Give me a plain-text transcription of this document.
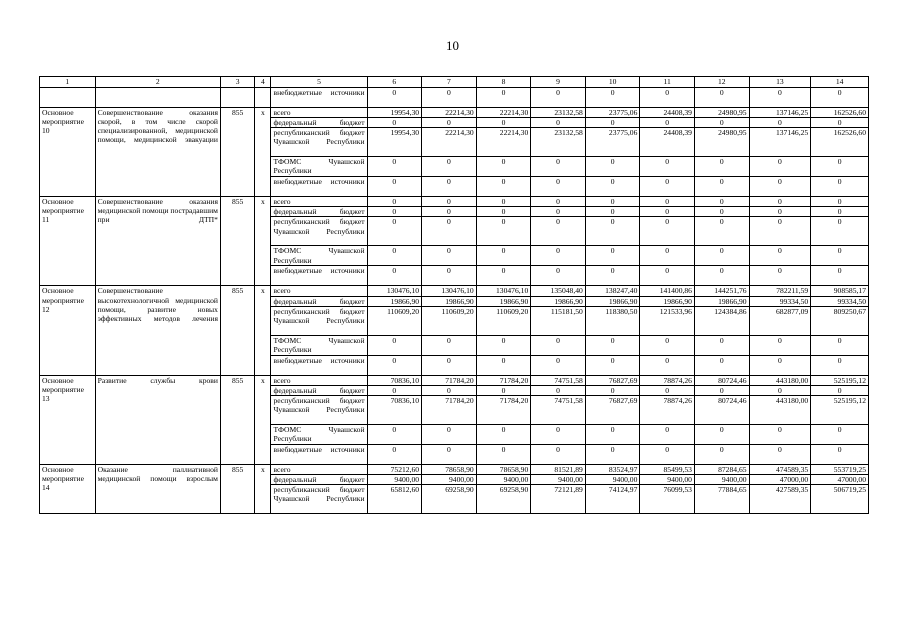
10
1	2	3	4	5	6	7	8	9	10	11	12	13	14
				внебюджетные источники	0	0	0	0	0	0	0	0	0
Основное мероприятие 10	Совершенствование оказания скорой, в том числе скорой специализированной, медицинской помощи, медицинской эвакуации	855	x	всего	19954,30	22214,30	22214,30	23132,58	23775,06	24408,39	24980,95	137146,25	162526,60
				федеральный бюджет	0	0	0	0	0	0	0	0	0
				республиканский бюджет Чувашской Республики	19954,30	22214,30	22214,30	23132,58	23775,06	24408,39	24980,95	137146,25	162526,60
				ТФОМС Чувашской Республики	0	0	0	0	0	0	0	0	0
				внебюджетные источники	0	0	0	0	0	0	0	0	0
Основное мероприятие 11	Совершенствование оказания медицинской помощи пострадавшим при ДТП*	855	x	всего	0	0	0	0	0	0	0	0	0
				федеральный бюджет	0	0	0	0	0	0	0	0	0
				республиканский бюджет Чувашской Республики	0	0	0	0	0	0	0	0	0
				ТФОМС Чувашской Республики	0	0	0	0	0	0	0	0	0
				внебюджетные источники	0	0	0	0	0	0	0	0	0
Основное мероприятие 12	Совершенствование высокотехнологичной медицинской помощи, развитие новых эффективных методов лечения	855	x	всего	130476,10	130476,10	130476,10	135048,40	138247,40	141400,86	144251,76	782211,59	908585,17
				федеральный бюджет	19866,90	19866,90	19866,90	19866,90	19866,90	19866,90	19866,90	99334,50	99334,50
				республиканский бюджет Чувашской Республики	110609,20	110609,20	110609,20	115181,50	118380,50	121533,96	124384,86	682877,09	809250,67
				ТФОМС Чувашской Республики	0	0	0	0	0	0	0	0	0
				внебюджетные источники	0	0	0	0	0	0	0	0	0
Основное мероприятие 13	Развитие службы крови	855	x	всего	70836,10	71784,20	71784,20	74751,58	76827,69	78874,26	80724,46	443180,00	525195,12
				федеральный бюджет	0	0	0	0	0	0	0	0	0
				республиканский бюджет Чувашской Республики	70836,10	71784,20	71784,20	74751,58	76827,69	78874,26	80724,46	443180,00	525195,12
				ТФОМС Чувашской Республики	0	0	0	0	0	0	0	0	0
				внебюджетные источники	0	0	0	0	0	0	0	0	0
Основное мероприятие 14	Оказание паллиативной медицинской помощи взрослым	855	x	всего	75212,60	78658,90	78658,90	81521,89	83524,97	85499,53	87284,65	474589,35	553719,25
				федеральный бюджет	9400,00	9400,00	9400,00	9400,00	9400,00	9400,00	9400,00	47000,00	47000,00
				республиканский бюджет Чувашской Республики	65812,60	69258,90	69258,90	72121,89	74124,97	76099,53	77884,65	427589,35	506719,25
